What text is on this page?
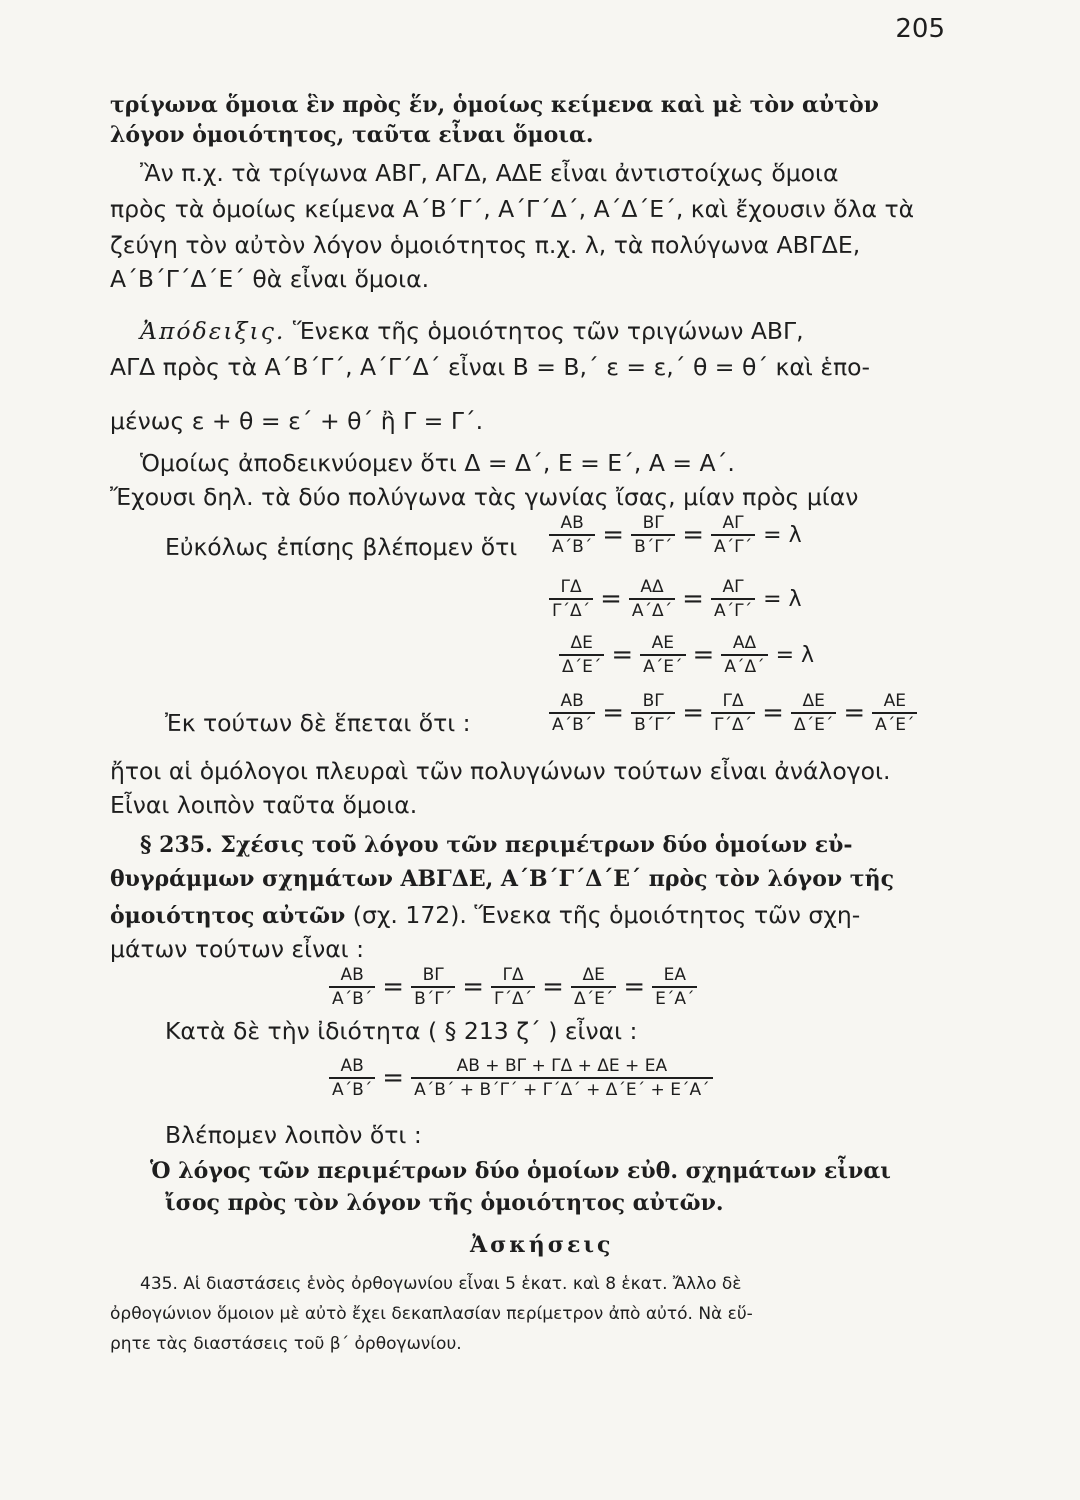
205
τρίγωνα ὅμοια ἓν πρὸς ἕν, ὁμοίως κείμενα καὶ μὲ τὸν αὐτὸν
λόγον ὁμοιότητος, ταῦτα εἶναι ὅμοια.
Ἂν π.χ. τὰ τρίγωνα ΑΒΓ, ΑΓΔ, ΑΔΕ εἶναι ἀντιστοίχως ὅμοια
πρὸς τὰ ὁμοίως κείμενα Α΄Β΄Γ΄, Α΄Γ΄Δ΄, Α΄Δ΄Ε΄, καὶ ἔχουσιν ὅλα τὰ
ζεύγη τὸν αὐτὸν λόγον ὁμοιότητος π.χ. λ, τὰ πολύγωνα ΑΒΓΔΕ,
Α΄Β΄Γ΄Δ΄Ε΄ θὰ εἶναι ὅμοια.
Ἀπόδειξις. Ἕνεκα τῆς ὁμοιότητος τῶν τριγώνων ΑΒΓ,
ΑΓΔ πρὸς τὰ Α΄Β΄Γ΄, Α΄Γ΄Δ΄ εἶναι Β = Β,΄ ε = ε,΄ θ = θ΄ καὶ ἑπο-
μένως ε + θ = ε΄ + θ΄ ἢ Γ = Γ΄.
Ὁμοίως ἀποδεικνύομεν ὅτι Δ = Δ΄, Ε = Ε΄, Α = Α΄.
Ἔχουσι δηλ. τὰ δύο πολύγωνα τὰς γωνίας ἴσας, μίαν πρὸς μίαν
Εὐκόλως ἐπίσης βλέπομεν ὅτι $\frac{AB}{A΄B΄} = \frac{B\Gamma}{B΄\Gamma΄} = \frac{A\Gamma}{A΄\Gamma΄} = \lambda$
$\frac{\Gamma\Delta}{\Gamma΄\Delta΄} = \frac{A\Delta}{A΄\Delta΄} = \frac{A\Gamma}{A΄\Gamma΄} = \lambda$
$\frac{\Delta E}{\Delta΄E΄} = \frac{AE}{A΄E΄} = \frac{A\Delta}{A΄\Delta΄} = \lambda$
Ἐκ τούτων δὲ ἕπεται ὅτι :	$\frac{AB}{A΄B΄} = \frac{B\Gamma}{B΄\Gamma΄} = \frac{\Gamma\Delta}{\Gamma΄\Delta΄} = \frac{\Delta E}{\Delta΄E΄} = \frac{AE}{A΄E΄}$
ἤτοι αἱ ὁμόλογοι πλευραὶ τῶν πολυγώνων τούτων εἶναι ἀνάλογοι.
Εἶναι λοιπὸν ταῦτα ὅμοια.
§ 235. Σχέσις τοῦ λόγου τῶν περιμέτρων δύο ὁμοίων εὐ-
θυγράμμων σχημάτων ΑΒΓΔΕ, Α΄Β΄Γ΄Δ΄Ε΄ πρὸς τὸν λόγον τῆς
ὁμοιότητος αὐτῶν (σχ. 172). Ἕνεκα τῆς ὁμοιότητος τῶν σχη-
μάτων τούτων εἶναι :
$\frac{AB}{A΄B΄} = \frac{B\Gamma}{B΄\Gamma΄} = \frac{\Gamma\Delta}{\Gamma΄\Delta΄} = \frac{\Delta E}{\Delta΄E΄} = \frac{EA}{E΄A΄}$
Κατὰ δὲ τὴν ἰδιότητα ( § 213 ζ΄ ) εἶναι :
$\frac{AB}{A΄B΄} = \frac{AB + B\Gamma + \Gamma\Delta + \Delta E + EA}{A΄B΄ + B΄\Gamma΄ + \Gamma΄\Delta΄ + \Delta΄E΄ + E΄A΄}$
Βλέπομεν λοιπὸν ὅτι :
Ὁ λόγος τῶν περιμέτρων δύο ὁμοίων εὐθ. σχημάτων εἶναι
ἴσος πρὸς τὸν λόγον τῆς ὁμοιότητος αὐτῶν.
Ἀσκήσεις
435. Αἱ διαστάσεις ἑνὸς ὀρθογωνίου εἶναι 5 ἑκατ. καὶ 8 ἑκατ. Ἄλλο δὲ
ὀρθογώνιον ὅμοιον μὲ αὐτὸ ἔχει δεκαπλασίαν περίμετρον ἀπὸ αὐτό. Νὰ εὕ-
ρητε τὰς διαστάσεις τοῦ β΄ ὀρθογωνίου.
